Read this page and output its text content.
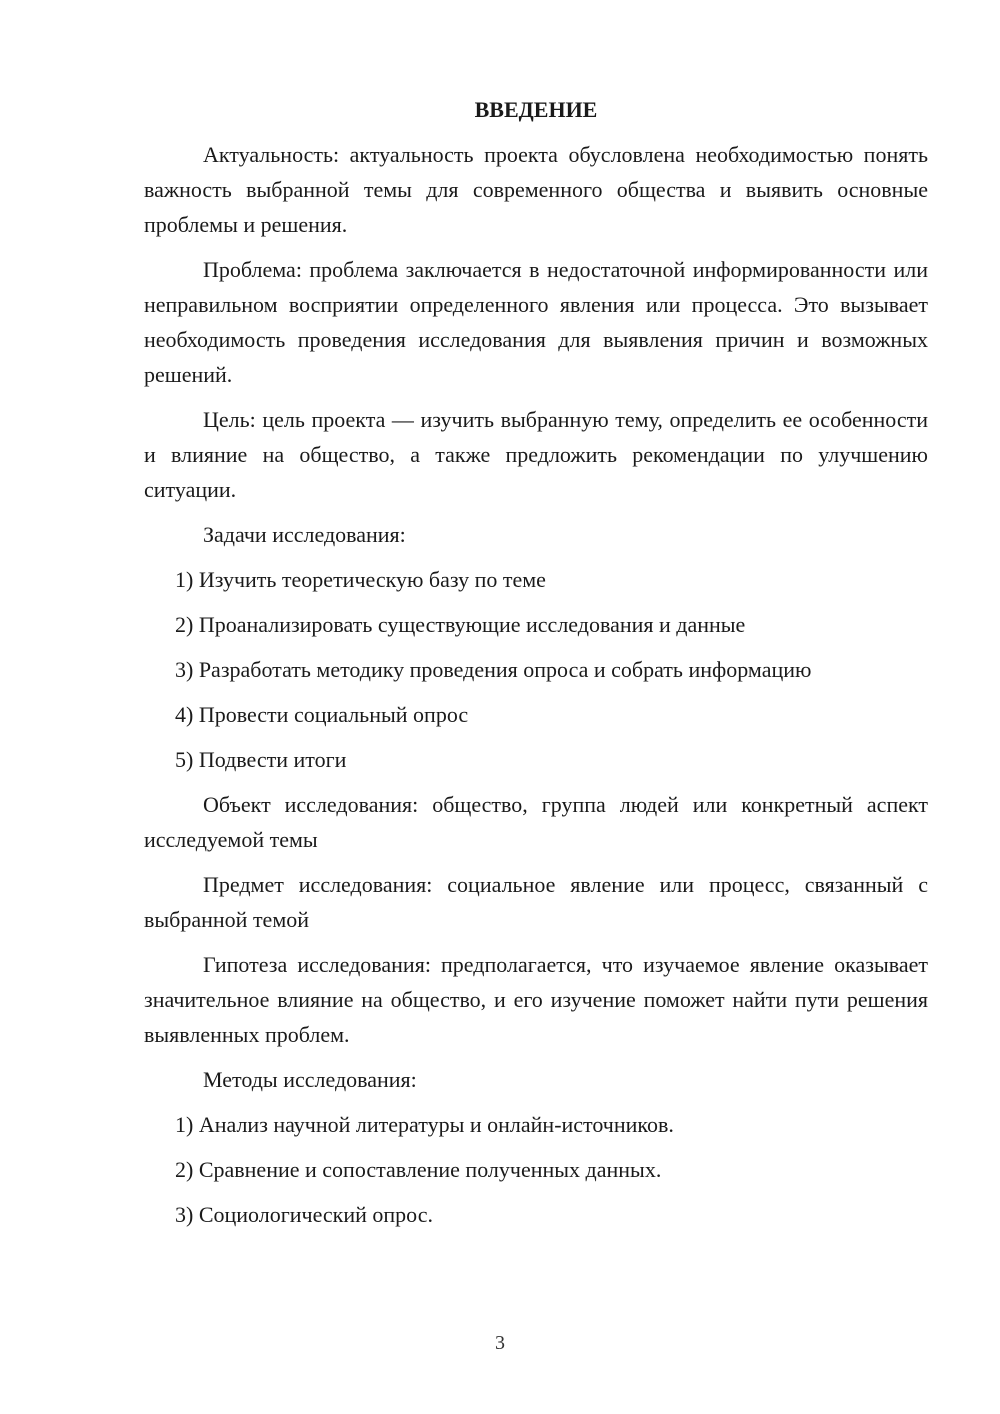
ВВЕДЕНИЕ

Актуальность: актуальность проекта обусловлена необходимостью понять важность выбранной темы для современного общества и выявить основные проблемы и решения.

Проблема: проблема заключается в недостаточной информированности или неправильном восприятии определенного явления или процесса. Это вызывает необходимость проведения исследования для выявления причин и возможных решений.

Цель: цель проекта — изучить выбранную тему, определить ее особенности и влияние на общество, а также предложить рекомендации по улучшению ситуации.

Задачи исследования:

1) Изучить теоретическую базу по теме

2) Проанализировать существующие исследования и данные

3) Разработать методику проведения опроса и собрать информацию

4) Провести социальный опрос

5) Подвести итоги

Объект исследования: общество, группа людей или конкретный аспект исследуемой темы

Предмет исследования: социальное явление или процесс, связанный с выбранной темой

Гипотеза исследования: предполагается, что изучаемое явление оказывает значительное влияние на общество, и его изучение поможет найти пути решения выявленных проблем.

Методы исследования:

1) Анализ научной литературы и онлайн-источников.

2) Сравнение и сопоставление полученных данных.

3) Социологический опрос.

3
